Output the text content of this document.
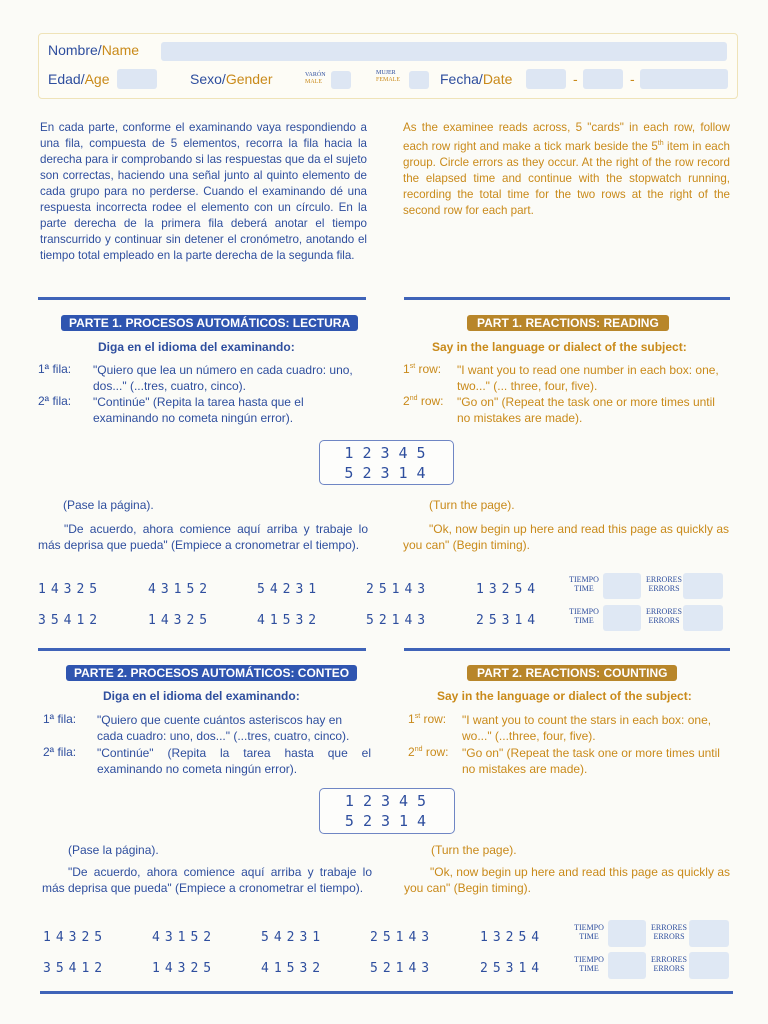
Nombre/Name
Edad/Age	Sexo/Gender	VARÓN
MALE
MUJER
FEMALE	Fecha/Date	-	-
En cada parte, conforme el examinando vaya respondiendo a una fila, compuesta de 5 elementos, recorra la fila hacia la derecha para ir comprobando si las respuestas que da el sujeto son correctas, haciendo una señal junto al quinto elemento de cada grupo para no perderse. Cuando el examinando dé una respuesta incorrecta rodee el elemento con un círculo. En la parte derecha de la primera fila deberá anotar el tiempo transcurrido y continuar sin detener el cronómetro, anotando el tiempo total empleado en la parte derecha de la segunda fila.
As the examinee reads across, 5 "cards" in each row, follow each row right and make a tick mark beside the 5th item in each group. Circle errors as they occur. At the right of the row record the elapsed time and continue with the stopwatch running, recording the total time for the two rows at the right of the second row for each part.
PARTE 1. PROCESOS AUTOMÁTICOS: LECTURA	PART 1. REACTIONS: READING
Diga en el idioma del examinando:	Say in the language or dialect of the subject:
1ª fila: "Quiero que lea un número en cada cuadro: uno, dos..." (...tres, cuatro, cinco).
2ª fila: "Continúe" (Repita la tarea hasta que el examinando no cometa ningún error).
1st row: "I want you to read one number in each box: one, two..." (... three, four, five).
2nd row: "Go on" (Repeat the task one or more times until no mistakes are made).
12345
52314
(Pase la página).	(Turn the page).
"De acuerdo, ahora comience aquí arriba y trabaje lo más deprisa que pueda" (Empiece a cronometrar el tiempo).
"Ok, now begin up here and read this page as quickly as you can" (Begin timing).
14325	43152	54231	25143	13254
35412	14325	41532	52143	25314
TIEMPO
TIME
ERRORES
ERRORS
TIEMPO
TIME
ERRORES
ERRORS
PARTE 2. PROCESOS AUTOMÁTICOS: CONTEO	PART 2. REACTIONS: COUNTING
Diga en el idioma del examinando:	Say in the language or dialect of the subject:
1ª fila: "Quiero que cuente cuántos asteriscos hay en cada cuadro: uno, dos..." (...tres, cuatro, cinco).
2ª fila: "Continúe" (Repita la tarea hasta que el examinando no cometa ningún error).
1st row: "I want you to count the stars in each box: one, wo..." (...three, four, five).
2nd row: "Go on" (Repeat the task one or more times until no mistakes are made).
12345
52314
(Pase la página).	(Turn the page).
"De acuerdo, ahora comience aquí arriba y trabaje lo más deprisa que pueda" (Empiece a cronometrar el tiempo).
"Ok, now begin up here and read this page as quickly as you can" (Begin timing).
14325	43152	54231	25143	13254
35412	14325	41532	52143	25314
TIEMPO
TIME
ERRORES
ERRORS
TIEMPO
TIME
ERRORES
ERRORS
